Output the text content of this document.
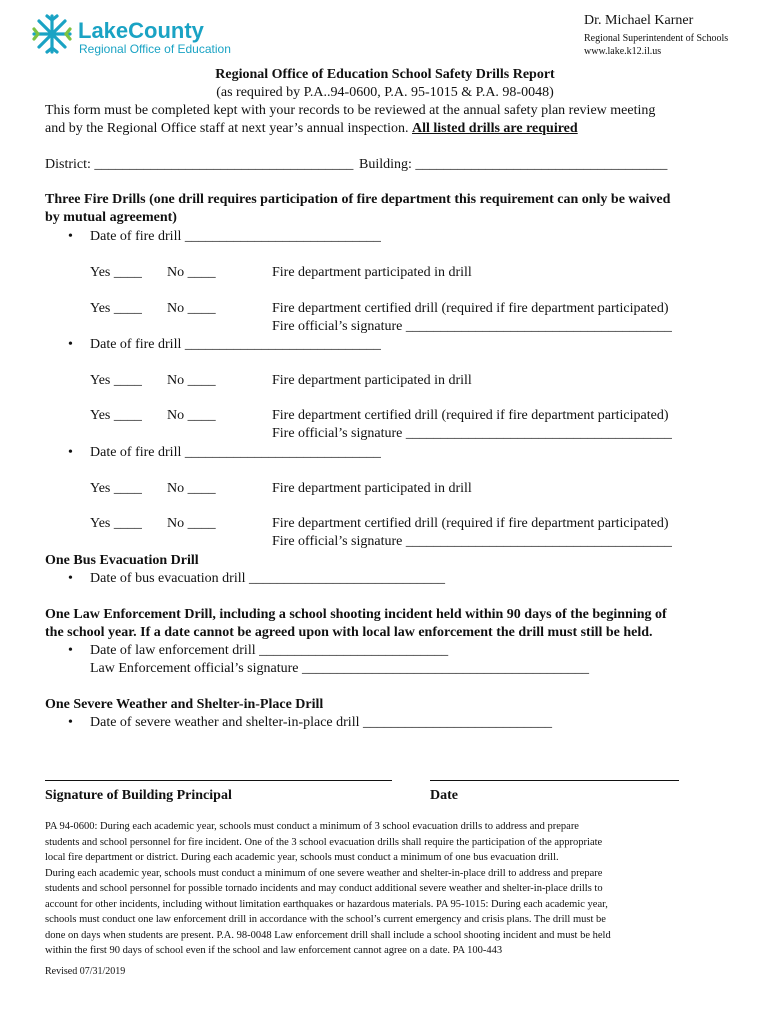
LakeCounty
Regional Office of Education
Dr. Michael Karner
Regional Superintendent of Schools
www.lake.k12.il.us
Regional Office of Education School Safety Drills Report
(as required by P.A..94-0600, P.A. 95-1015 & P.A. 98-0048)
This form must be completed kept with your records to be reviewed at the annual safety plan review meeting
and by the Regional Office staff at next year’s annual inspection. All listed drills are required
District: _____________________________________ Building: ____________________________________
Three Fire Drills (one drill requires participation of fire department this requirement can only be waived
by mutual agreement)
• Date of fire drill ____________________________
Yes ____ No ____	Fire department participated in drill
Yes ____ No ____	Fire department certified drill (required if fire department participated)
Fire official’s signature ______________________________________
• Date of fire drill ____________________________
Yes ____ No ____	Fire department participated in drill
Yes ____ No ____	Fire department certified drill (required if fire department participated)
Fire official’s signature ______________________________________
• Date of fire drill ____________________________
Yes ____ No ____	Fire department participated in drill
Yes ____ No ____	Fire department certified drill (required if fire department participated)
Fire official’s signature ______________________________________
One Bus Evacuation Drill
• Date of bus evacuation drill ____________________________
One Law Enforcement Drill, including a school shooting incident held within 90 days of the beginning of
the school year. If a date cannot be agreed upon with local law enforcement the drill must still be held.
• Date of law enforcement drill ___________________________
Law Enforcement official’s signature _________________________________________
One Severe Weather and Shelter-in-Place Drill
• Date of severe weather and shelter-in-place drill ___________________________
Signature of Building Principal	Date
PA 94-0600: During each academic year, schools must conduct a minimum of 3 school evacuation drills to address and prepare
students and school personnel for fire incident. One of the 3 school evacuation drills shall require the participation of the appropriate
local fire department or district. During each academic year, schools must conduct a minimum of one bus evacuation drill.
During each academic year, schools must conduct a minimum of one severe weather and shelter-in-place drill to address and prepare
students and school personnel for possible tornado incidents and may conduct additional severe weather and shelter-in-place drills to
account for other incidents, including without limitation earthquakes or hazardous materials. PA 95-1015: During each academic year,
schools must conduct one law enforcement drill in accordance with the school’s current emergency and crisis plans. The drill must be
done on days when students are present. P.A. 98-0048 Law enforcement drill shall include a school shooting incident and must be held
within the first 90 days of school even if the school and law enforcement cannot agree on a date. PA 100-443
Revised 07/31/2019
